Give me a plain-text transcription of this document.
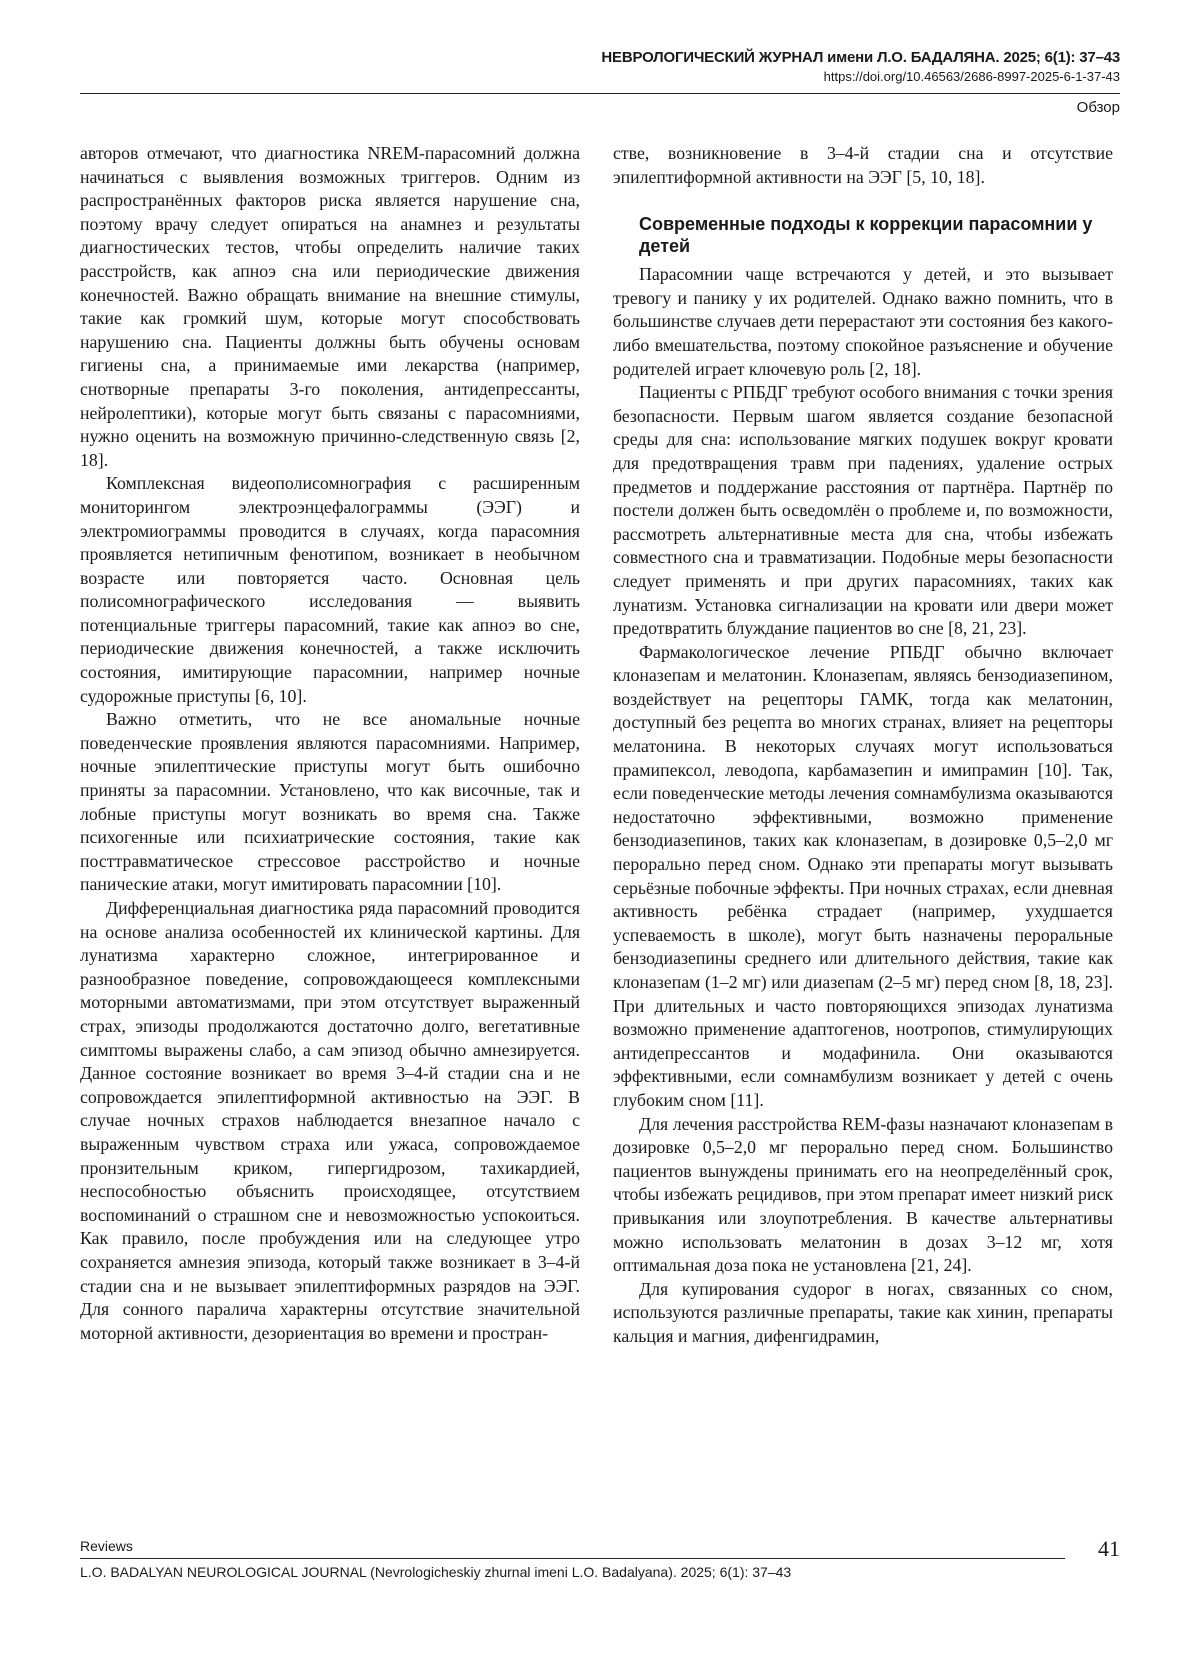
НЕВРОЛОГИЧЕСКИЙ ЖУРНАЛ имени Л.О. БАДАЛЯНА. 2025; 6(1): 37–43
https://doi.org/10.46563/2686-8997-2025-6-1-37-43
Обзор

авторов отмечают, что диагностика NREM-парасомний должна начинаться с выявления возможных триггеров. Одним из распространённых факторов риска является нарушение сна, поэтому врачу следует опираться на анамнез и результаты диагностических тестов, чтобы определить наличие таких расстройств, как апноэ сна или периодические движения конечностей. Важно обращать внимание на внешние стимулы, такие как громкий шум, которые могут способствовать нарушению сна. Пациенты должны быть обучены основам гигиены сна, а принимаемые ими лекарства (например, снотворные препараты 3-го поколения, антидепрессанты, нейролептики), которые могут быть связаны с парасомниями, нужно оценить на возможную причинно-следственную связь [2, 18].

Комплексная видеополисомнография с расширенным мониторингом электроэнцефалограммы (ЭЭГ) и электромиограммы проводится в случаях, когда парасомния проявляется нетипичным фенотипом, возникает в необычном возрасте или повторяется часто. Основная цель полисомнографического исследования — выявить потенциальные триггеры парасомний, такие как апноэ во сне, периодические движения конечностей, а также исключить состояния, имитирующие парасомнии, например ночные судорожные приступы [6, 10].

Важно отметить, что не все аномальные ночные поведенческие проявления являются парасомниями. Например, ночные эпилептические приступы могут быть ошибочно приняты за парасомнии. Установлено, что как височные, так и лобные приступы могут возникать во время сна. Также психогенные или психиатрические состояния, такие как посттравматическое стрессовое расстройство и ночные панические атаки, могут имитировать парасомнии [10].

Дифференциальная диагностика ряда парасомний проводится на основе анализа особенностей их клинической картины. Для лунатизма характерно сложное, интегрированное и разнообразное поведение, сопровождающееся комплексными моторными автоматизмами, при этом отсутствует выраженный страх, эпизоды продолжаются достаточно долго, вегетативные симптомы выражены слабо, а сам эпизод обычно амнезируется. Данное состояние возникает во время 3–4-й стадии сна и не сопровождается эпилептиформной активностью на ЭЭГ. В случае ночных страхов наблюдается внезапное начало с выраженным чувством страха или ужаса, сопровождаемое пронзительным криком, гипергидрозом, тахикардией, неспособностью объяснить происходящее, отсутствием воспоминаний о страшном сне и невозможностью успокоиться. Как правило, после пробуждения или на следующее утро сохраняется амнезия эпизода, который также возникает в 3–4-й стадии сна и не вызывает эпилептиформных разрядов на ЭЭГ. Для сонного паралича характерны отсутствие значительной моторной активности, дезориентация во времени и простран-

стве, возникновение в 3–4-й стадии сна и отсутствие эпилептиформной активности на ЭЭГ [5, 10, 18].

Современные подходы к коррекции парасомнии у детей

Парасомнии чаще встречаются у детей, и это вызывает тревогу и панику у их родителей. Однако важно помнить, что в большинстве случаев дети перерастают эти состояния без какого-либо вмешательства, поэтому спокойное разъяснение и обучение родителей играет ключевую роль [2, 18].

Пациенты с РПБДГ требуют особого внимания с точки зрения безопасности. Первым шагом является создание безопасной среды для сна: использование мягких подушек вокруг кровати для предотвращения травм при падениях, удаление острых предметов и поддержание расстояния от партнёра. Партнёр по постели должен быть осведомлён о проблеме и, по возможности, рассмотреть альтернативные места для сна, чтобы избежать совместного сна и травматизации. Подобные меры безопасности следует применять и при других парасомниях, таких как лунатизм. Установка сигнализации на кровати или двери может предотвратить блуждание пациентов во сне [8, 21, 23].

Фармакологическое лечение РПБДГ обычно включает клоназепам и мелатонин. Клоназепам, являясь бензодиазепином, воздействует на рецепторы ГАМК, тогда как мелатонин, доступный без рецепта во многих странах, влияет на рецепторы мелатонина. В некоторых случаях могут использоваться прамипексол, леводопа, карбамазепин и имипрамин [10]. Так, если поведенческие методы лечения сомнамбулизма оказываются недостаточно эффективными, возможно применение бензодиазепинов, таких как клоназепам, в дозировке 0,5–2,0 мг перорально перед сном. Однако эти препараты могут вызывать серьёзные побочные эффекты. При ночных страхах, если дневная активность ребёнка страдает (например, ухудшается успеваемость в школе), могут быть назначены пероральные бензодиазепины среднего или длительного действия, такие как клоназепам (1–2 мг) или диазепам (2–5 мг) перед сном [8, 18, 23]. При длительных и часто повторяющихся эпизодах лунатизма возможно применение адаптогенов, ноотропов, стимулирующих антидепрессантов и модафинила. Они оказываются эффективными, если сомнамбулизм возникает у детей с очень глубоким сном [11].

Для лечения расстройства REM-фазы назначают клоназепам в дозировке 0,5–2,0 мг перорально перед сном. Большинство пациентов вынуждены принимать его на неопределённый срок, чтобы избежать рецидивов, при этом препарат имеет низкий риск привыкания или злоупотребления. В качестве альтернативы можно использовать мелатонин в дозах 3–12 мг, хотя оптимальная доза пока не установлена [21, 24].

Для купирования судорог в ногах, связанных со сном, используются различные препараты, такие как хинин, препараты кальция и магния, дифенгидрамин,

Reviews	41
L.O. BADALYAN NEUROLOGICAL JOURNAL (Nevrologicheskiy zhurnal imeni L.O. Badalyana). 2025; 6(1): 37–43
